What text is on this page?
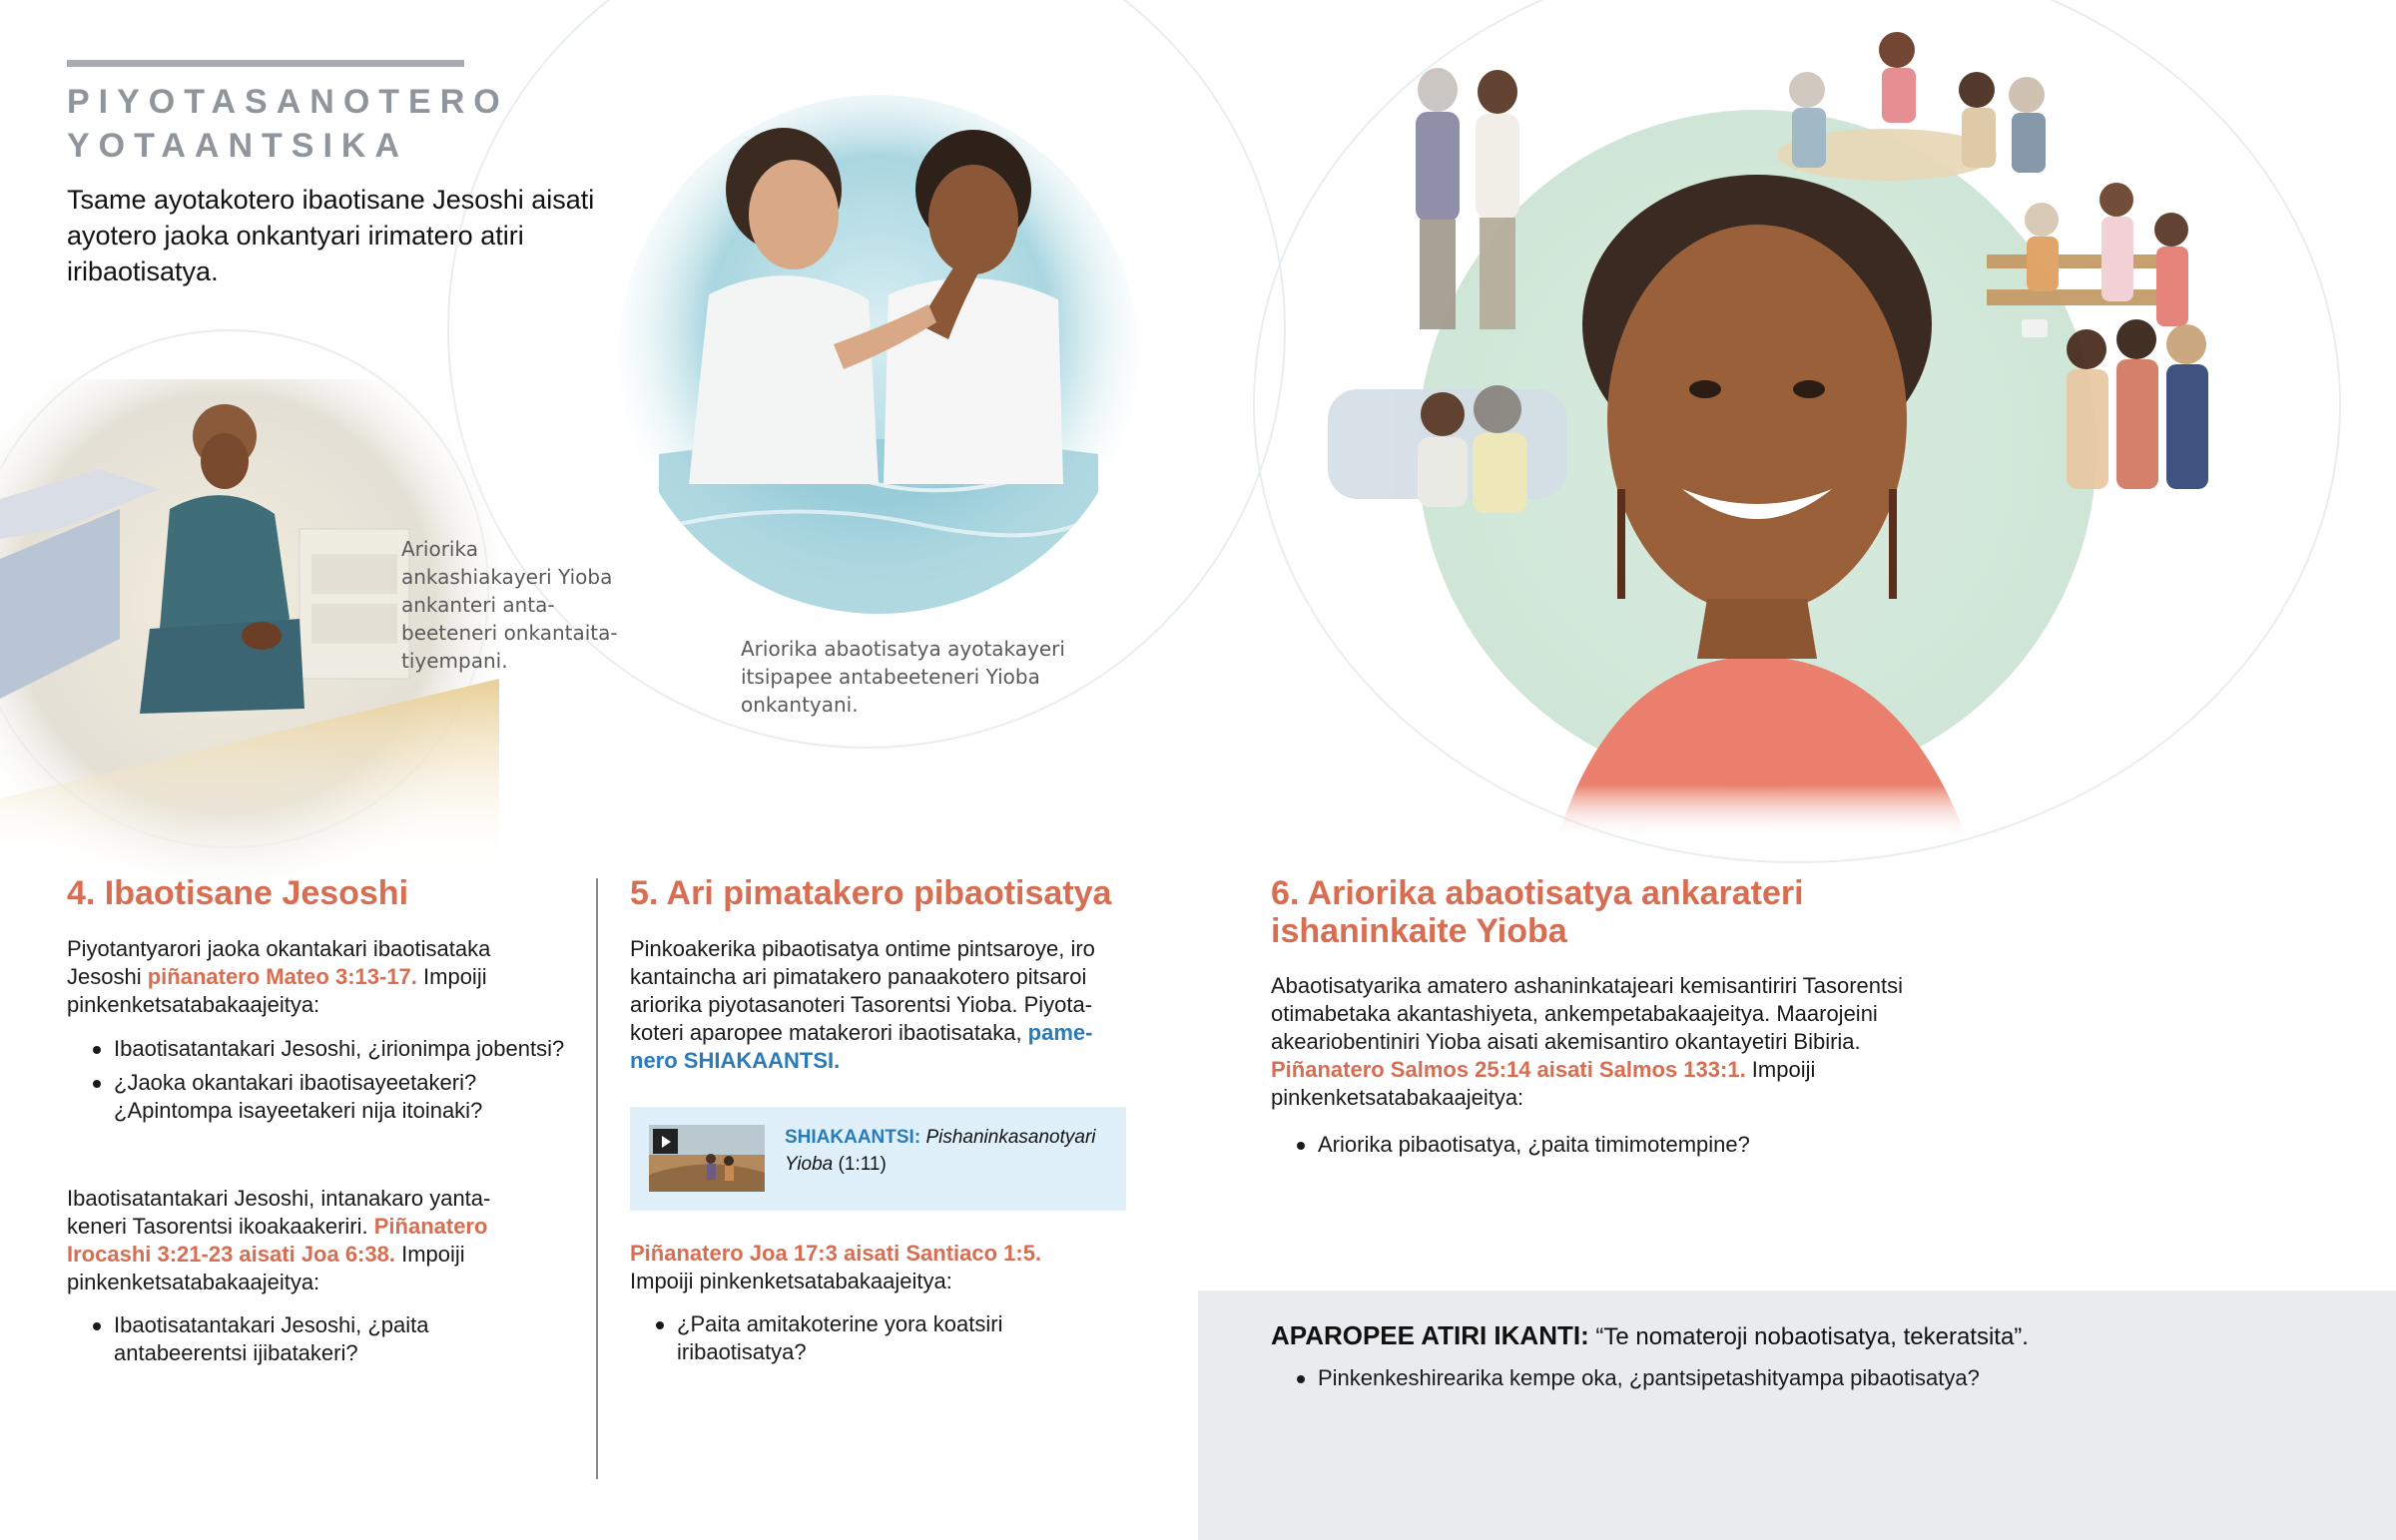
PIYOTASANOTERO
YOTAANTSIKA
Tsame ayotakotero ibaotisane Jesoshi aisati ayotero jaoka onkantyari irimatero atiri iribaotisatya.
Ariorika ankashiakayeri Yioba ankanteri anta- beeteneri onkantaita- tiyempani.	Ariorika abaotisatya ayotakayeri itsipapee antabeeteneri Yioba onkantyani.
4. Ibaotisane Jesoshi
Piyotantyarori jaoka okantakari ibaotisataka Jesoshi piñanatero Mateo 3:13-17. Impoiji pinkenketsatabakaajeitya:
Ibaotisatantakari Jesoshi, ¿irionimpa jobentsi?
¿Jaoka okantakari ibaotisayeetakeri? ¿Apintompa isayeetakeri nija itoinaki?
Ibaotisatantakari Jesoshi, intanakaro yanta- keneri Tasorentsi ikoakaakeriri. Piñanatero Irocashi 3:21-23 aisati Joa 6:38. Impoiji pinkenketsatabakaajeitya:
Ibaotisatantakari Jesoshi, ¿paita antabeerentsi ijibatakeri?
5. Ari pimatakero pibaotisatya
Pinkoakerika pibaotisatya ontime pintsaroye, iro kantaincha ari pimatakero panaakotero pitsaroi ariorika piyotasanoteri Tasorentsi Yioba. Piyota- koteri aparopee matakerori ibaotisataka, pame- nero SHIAKAANTSI.
SHIAKAANTSI: Pishaninkasanotyari Yioba (1:11)
Piñanatero Joa 17:3 aisati Santiaco 1:5.
Impoiji pinkenketsatabakaajeitya:
¿Paita amitakoterine yora koatsiri iribaotisatya?
6. Ariorika abaotisatya ankarateri
ishaninkaite Yioba
Abaotisatyarika amatero ashaninkatajeari kemisantiriri Tasorentsi otimabetaka akantashiyeta, ankempetabakaajeitya. Maarojeini akeariobentiniri Yioba aisati akemisantiro okantayetiri Bibiria. Piñanatero Salmos 25:14 aisati Salmos 133:1. Impoiji pinkenketsatabakaajeitya:
Ariorika pibaotisatya, ¿paita timimotempine?
APAROPEE ATIRI IKANTI: “Te nomateroji nobaotisatya, tekeratsita”.
Pinkenkeshirearika kempe oka, ¿pantsipetashityampa pibaotisatya?
